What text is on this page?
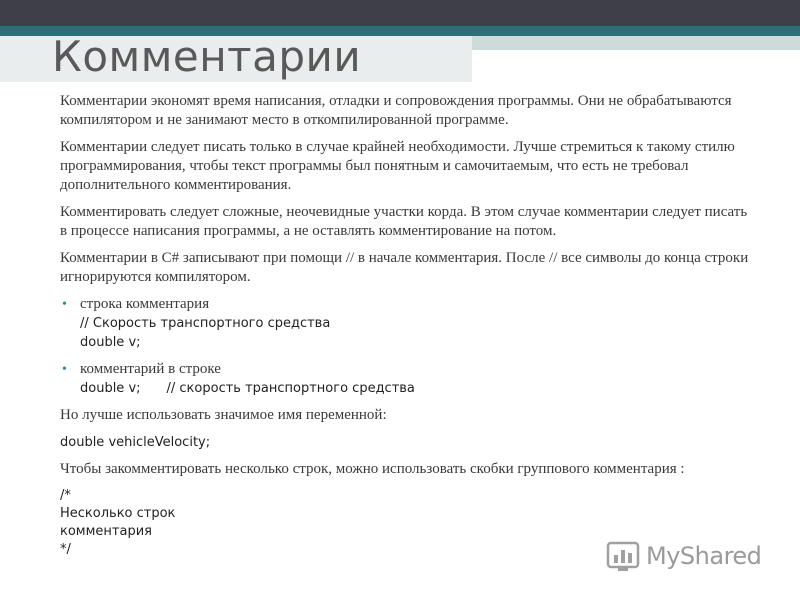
Комментарии

Комментарии экономят время написания, отладки и сопровождения программы. Они не обрабатываются компилятором и не занимают место в откомпилированной программе.

Комментарии следует писать только в случае крайней необходимости. Лучше стремиться к такому стилю программирования, чтобы текст программы был понятным и самочитаемым, что есть не требовал дополнительного комментирования.

Комментировать следует сложные, неочевидные участки корда. В этом случае комментарии следует писать в процессе написания программы, а не оставлять комментирование на потом.

Комментарии в C# записывают при помощи // в начале комментария. После // все символы до конца строки игнорируются компилятором.

• строка комментария
// Скорость транспортного средства
double v;
• комментарий в строке
double v; // скорость транспортного средства

Но лучше использовать значимое имя переменной:

double vehicleVelocity;

Чтобы закомментировать несколько строк, можно использовать скобки группового комментария :

/*
Несколько строк
комментария
*/	MyShared
